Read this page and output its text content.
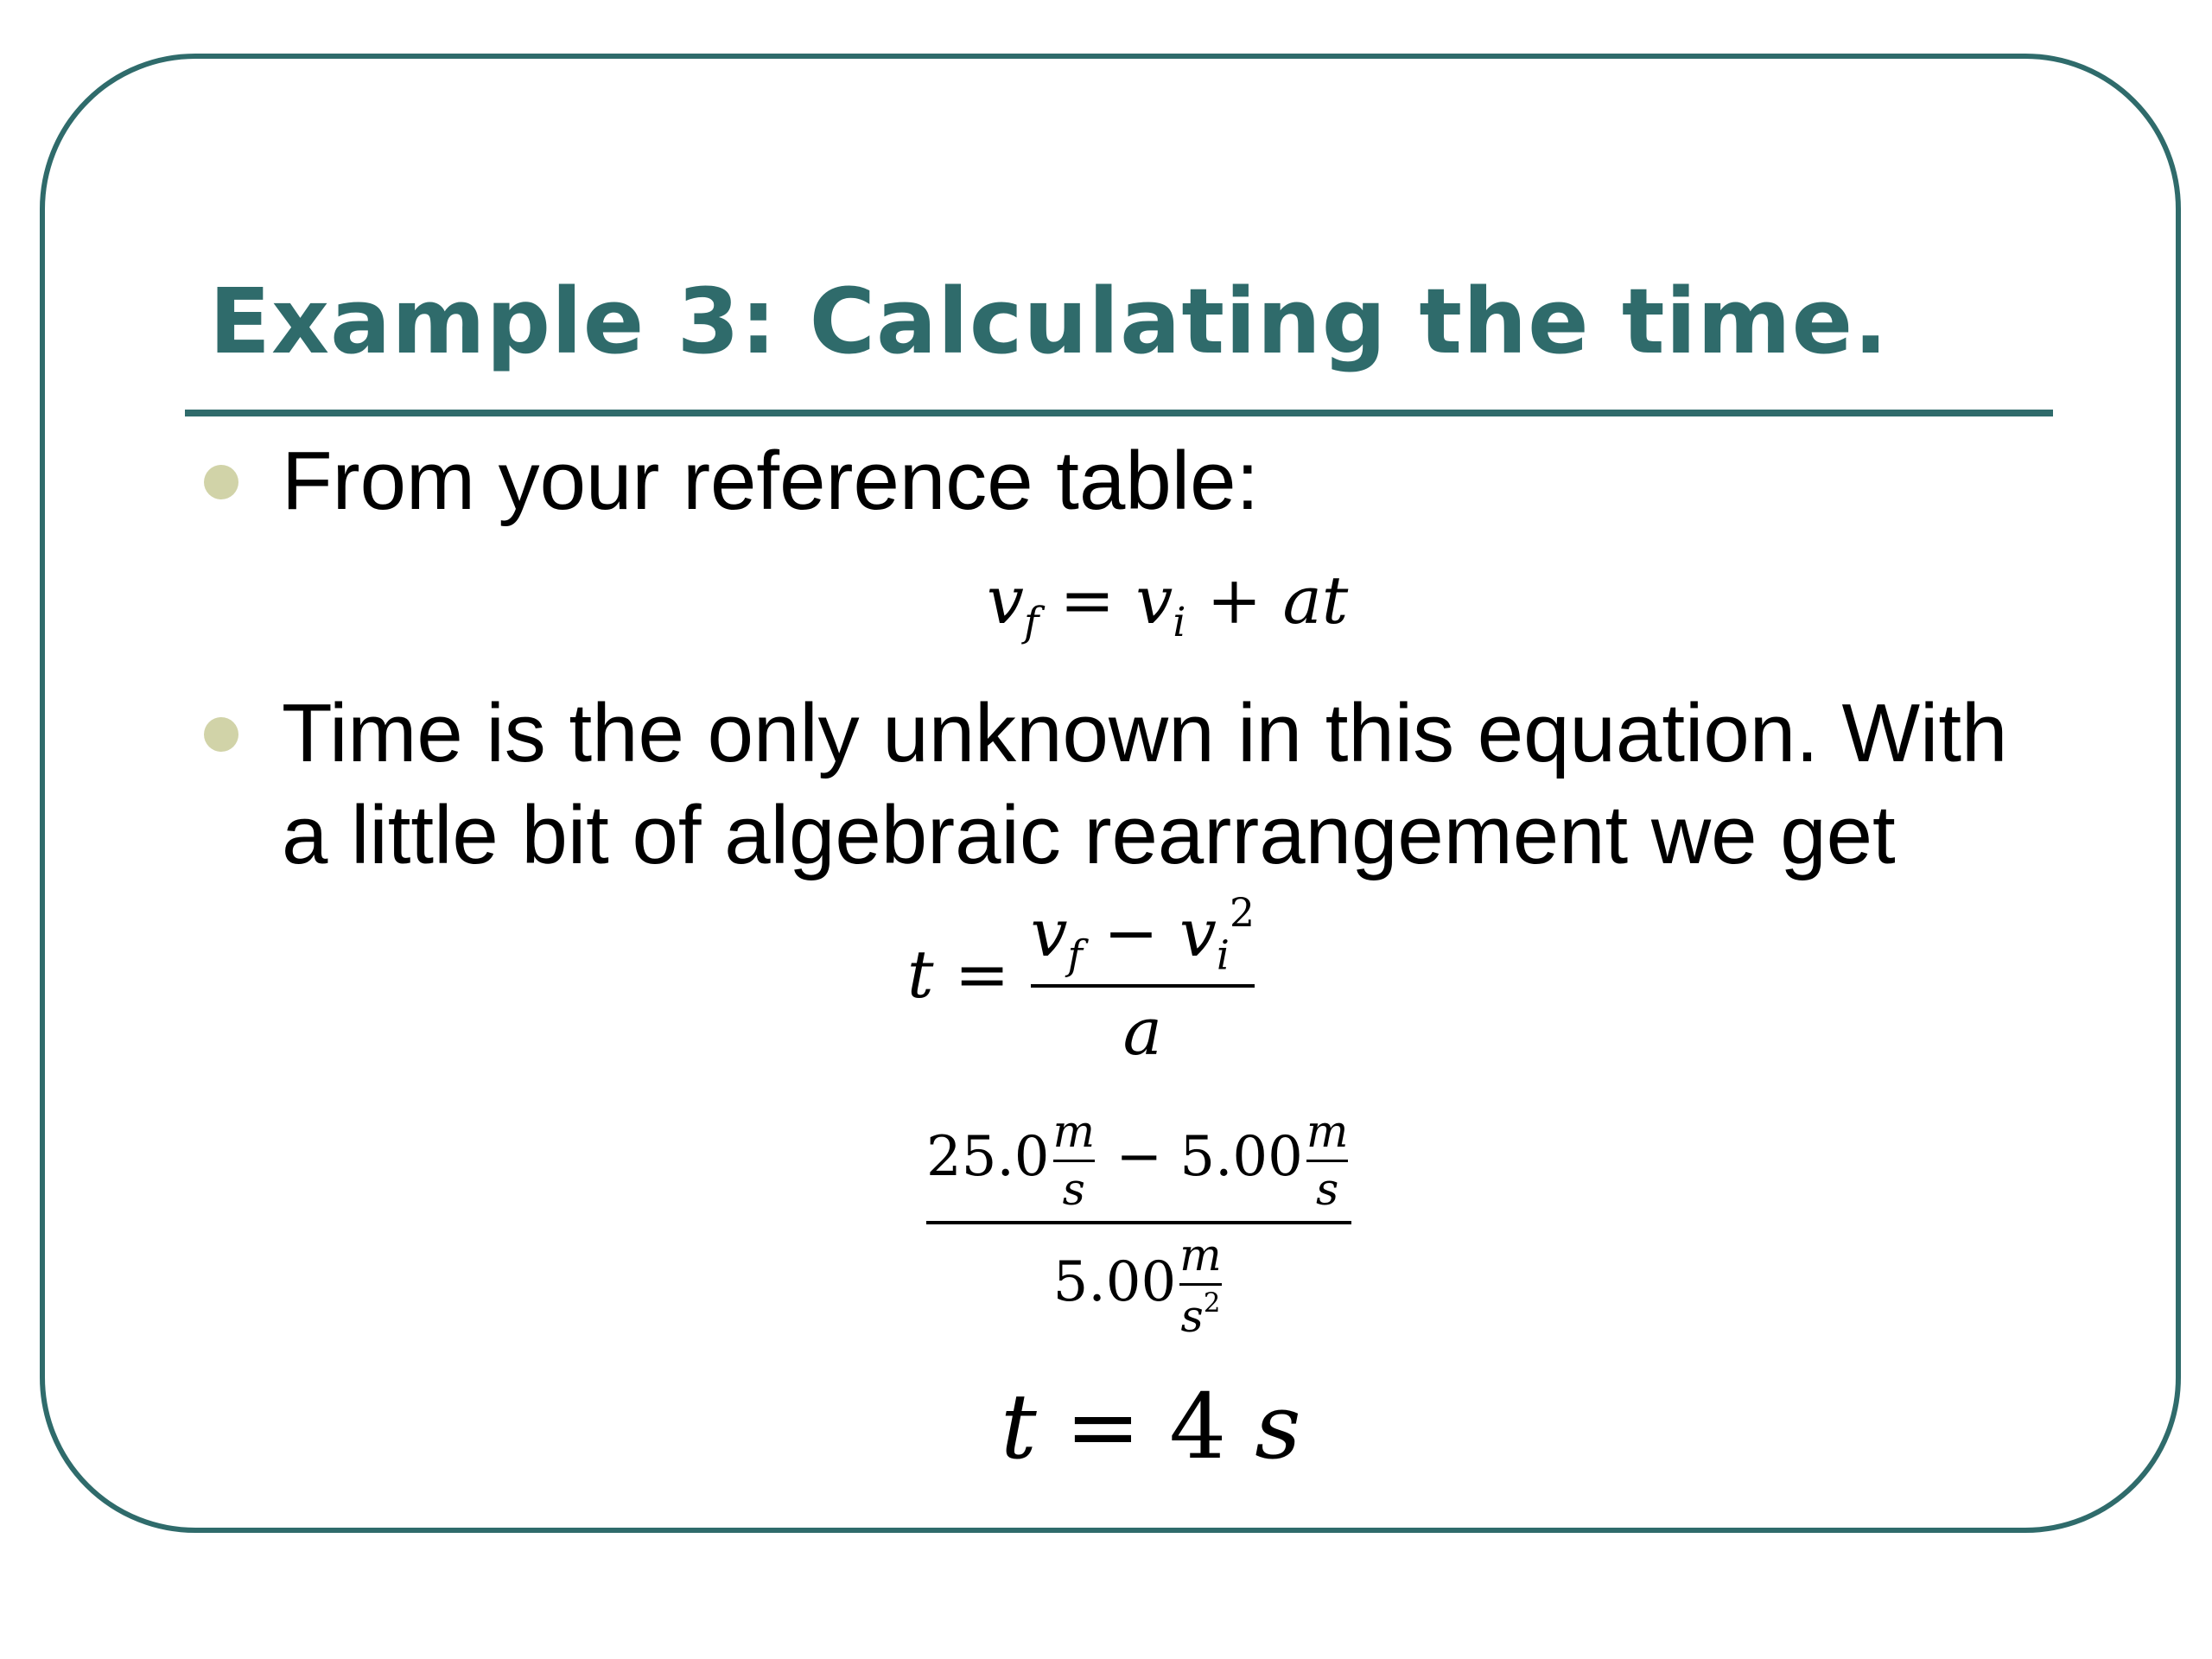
Example 3: Calculating the time.

From your reference table:

$v_f = v_i$ + at

Time is the only unknown in this equation. With
a little bit of algebraic rearrangement we get

$t = \frac{v_f - v_i^2}{a}$
$\frac{25.0 \frac{m}{s} - 5.00 \frac{m}{s}}{5.00 \frac{m}{s^2}}$
t = 4 s
